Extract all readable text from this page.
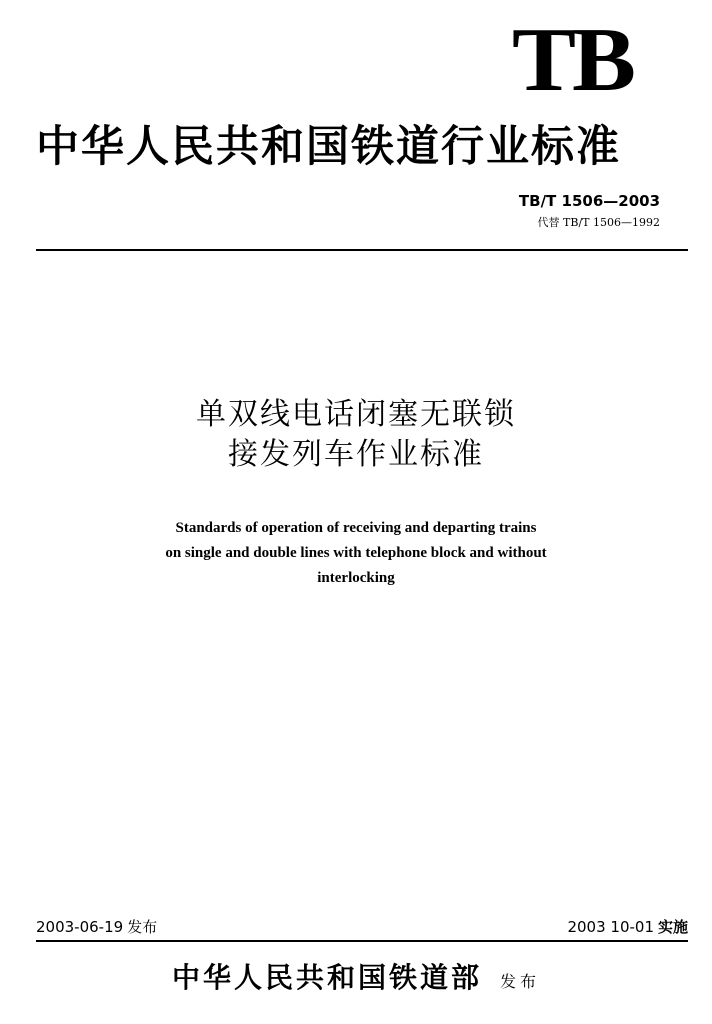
TB
中华人民共和国铁道行业标准
TB/T 1506—2003
代替 TB/T 1506—1992
单双线电话闭塞无联锁
接发列车作业标准
Standards of operation of receiving and departing trains
on single and double lines with telephone block and without
interlocking
2003-06-19 发布	2003 10-01 实施
中华人民共和国铁道部 发布
